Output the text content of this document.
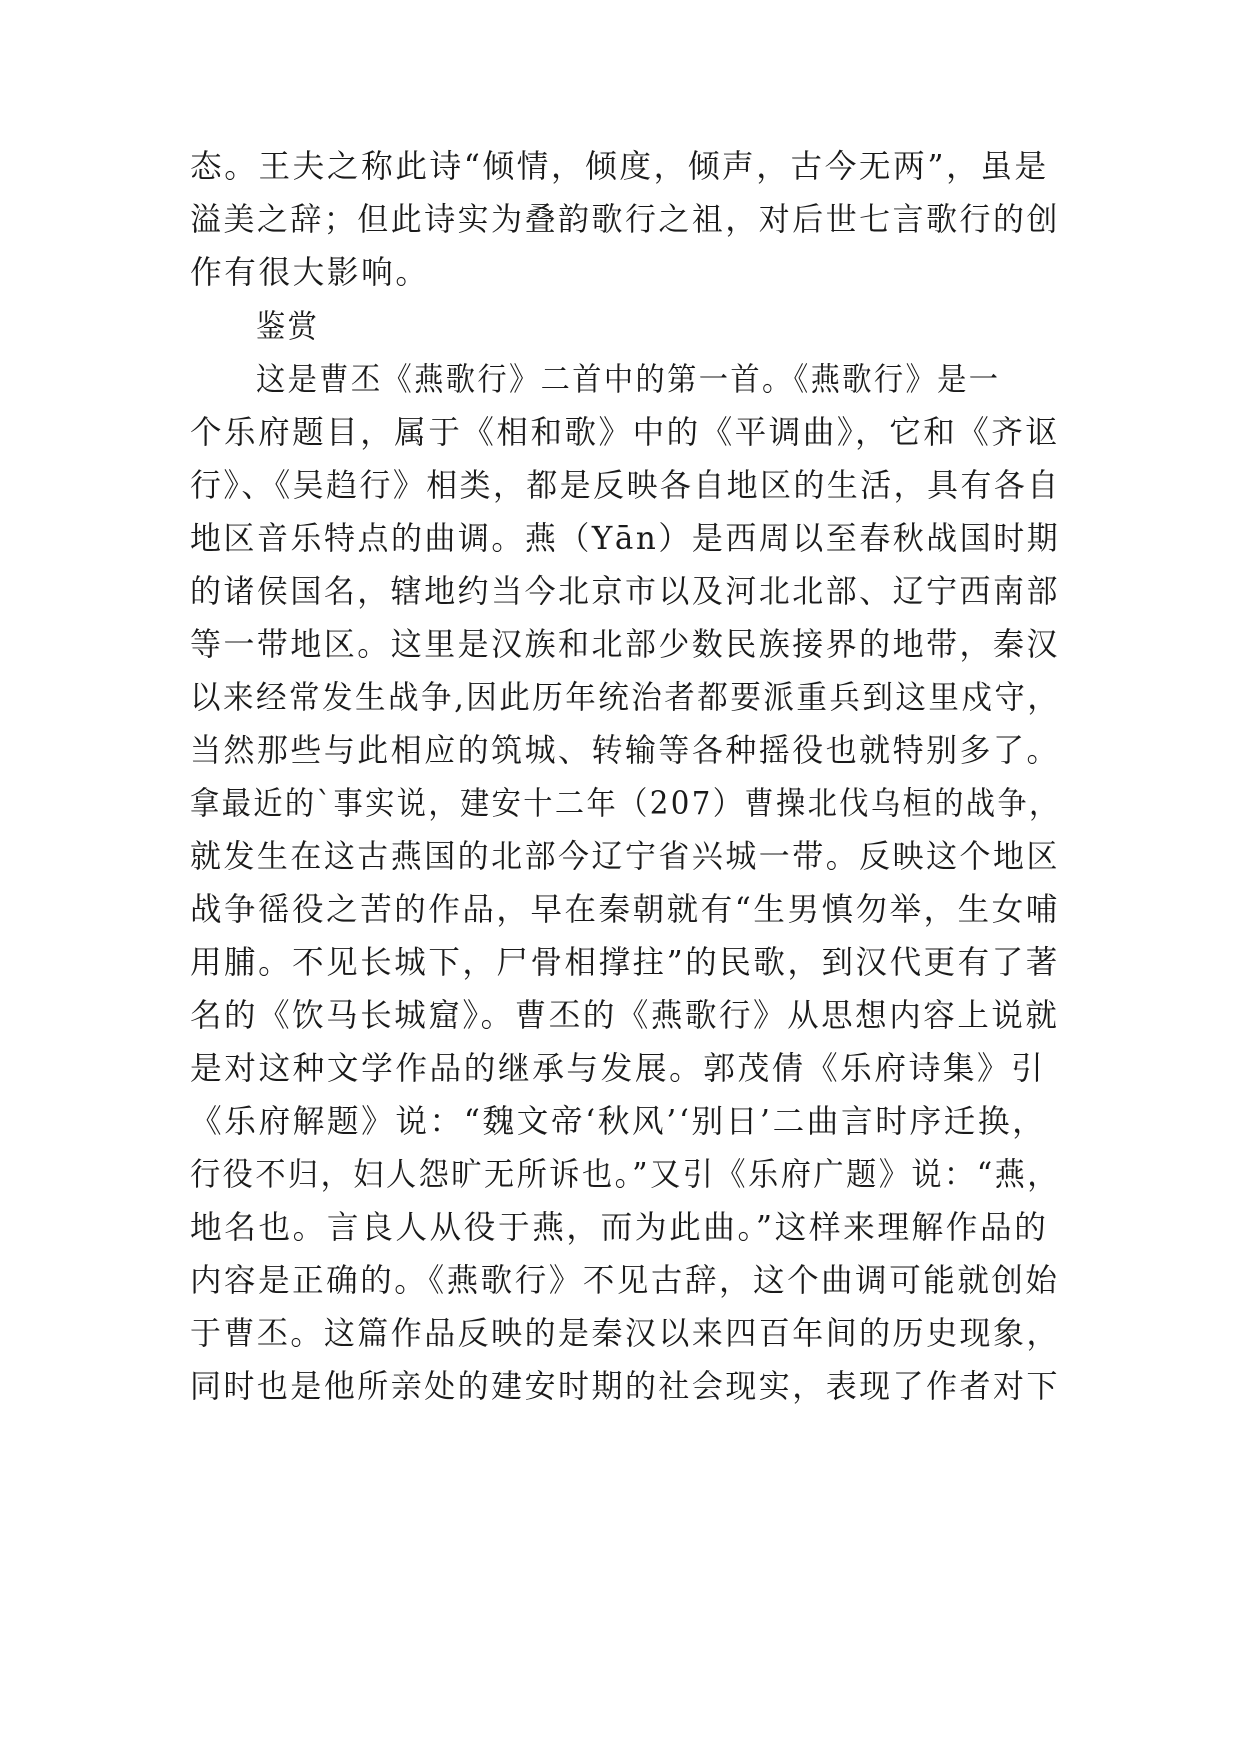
态。王夫之称此诗“倾情，倾度，倾声，古今无两”，虽是
溢美之辞；但此诗实为叠韵歌行之祖，对后世七言歌行的创
作有很大影响。
鉴赏
这是曹丕《燕歌行》二首中的第一首。《燕歌行》是一
个乐府题目，属于《相和歌》中的《平调曲》，它和《齐讴
行》、《吴趋行》相类，都是反映各自地区的生活，具有各自
地区音乐特点的曲调。燕（Yān）是西周以至春秋战国时期
的诸侯国名，辖地约当今北京市以及河北北部、辽宁西南部
等一带地区。这里是汉族和北部少数民族接界的地带，秦汉
以来经常发生战争,因此历年统治者都要派重兵到这里戍守，
当然那些与此相应的筑城、转输等各种摇役也就特别多了。
拿最近的`事实说，建安十二年（207）曹操北伐乌桓的战争，
就发生在这古燕国的北部今辽宁省兴城一带。反映这个地区
战争徭役之苦的作品，早在秦朝就有“生男慎勿举，生女哺
用脯。不见长城下，尸骨相撑拄”的民歌，到汉代更有了著
名的《饮马长城窟》。曹丕的《燕歌行》从思想内容上说就
是对这种文学作品的继承与发展。郭茂倩《乐府诗集》引
《乐府解题》说：“魏文帝‘秋风’‘别日’二曲言时序迁换，
行役不归，妇人怨旷无所诉也。”又引《乐府广题》说：“燕，
地名也。言良人从役于燕，而为此曲。”这样来理解作品的
内容是正确的。《燕歌行》不见古辞，这个曲调可能就创始
于曹丕。这篇作品反映的是秦汉以来四百年间的历史现象，
同时也是他所亲处的建安时期的社会现实，表现了作者对下
